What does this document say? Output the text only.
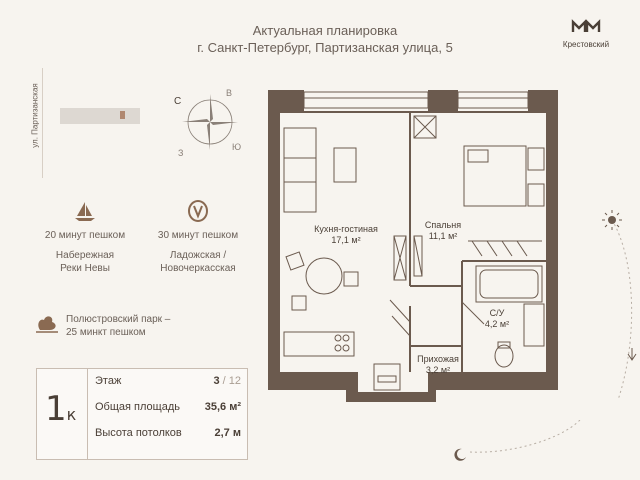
Актуальная планировка
г. Санкт-Петербург, Партизанская улица, 5	Крестовский
ул. Партизанская	С
В
Ю
З
20 минут пешком
Набережная
Реки Невы
30 минут пешком
Ладожская /
Новочеркасская
Полюстровский парк –
25 минкт пешком
1к
Этаж	3 / 12
Общая площадь 35,6 м²
Высота потолков	2,7 м
Кухня-гостиная
17,1 м²
Спальня
11,1 м²
С/У
4,2 м²
Прихожая
3,2 м²
